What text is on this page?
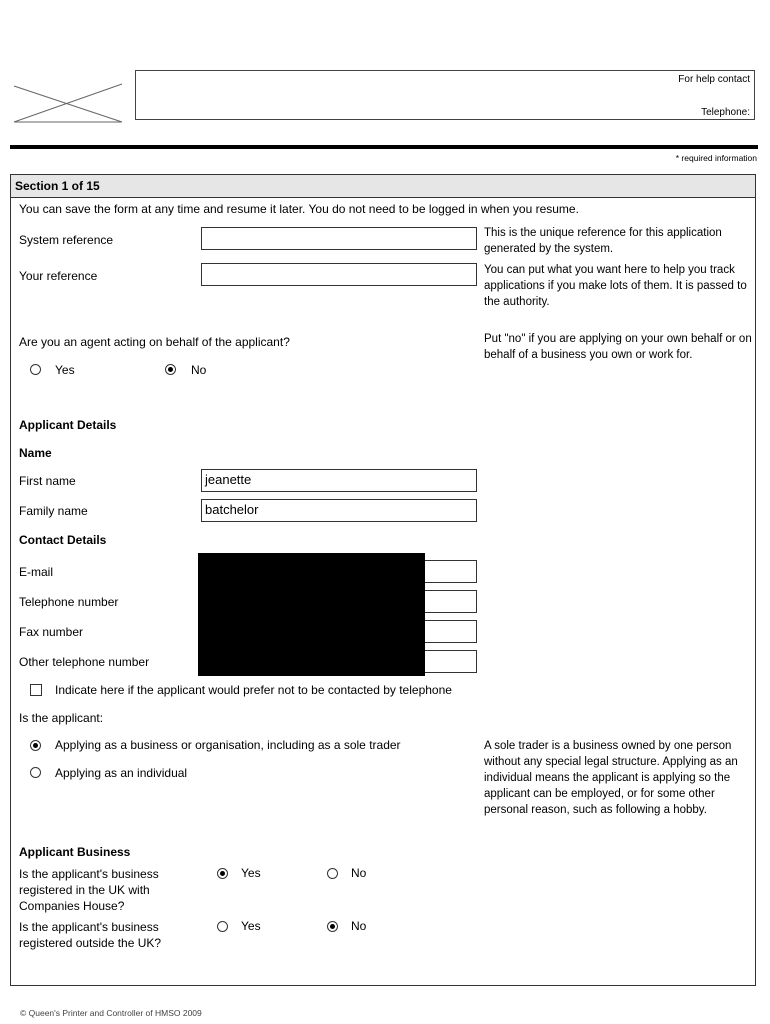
For help contact
Telephone:
* required information
Section 1 of 15
You can save the form at any time and resume it later. You do not need to be logged in when you resume.
System reference	This is the unique reference for this application generated by the system.
Your reference	You can put what you want here to help you track applications if you make lots of them. It is passed to the authority.
Are you an agent acting on behalf of the applicant?	Put "no" if you are applying on your own behalf or on behalf of a business you own or work for.
Yes	No
Applicant Details
Name
First name	jeanette
Family name	batchelor
Contact Details
E-mail
Telephone number
Fax number
Other telephone number
Indicate here if the applicant would prefer not to be contacted by telephone
Is the applicant:
Applying as a business or organisation, including as a sole trader
Applying as an individual
A sole trader is a business owned by one person without any special legal structure. Applying as an individual means the applicant is applying so the applicant can be employed, or for some other personal reason, such as following a hobby.
Applicant Business
Is the applicant's business registered in the UK with Companies House?
Yes	No
Is the applicant's business registered outside the UK?
Yes	No
© Queen's Printer and Controller of HMSO 2009
